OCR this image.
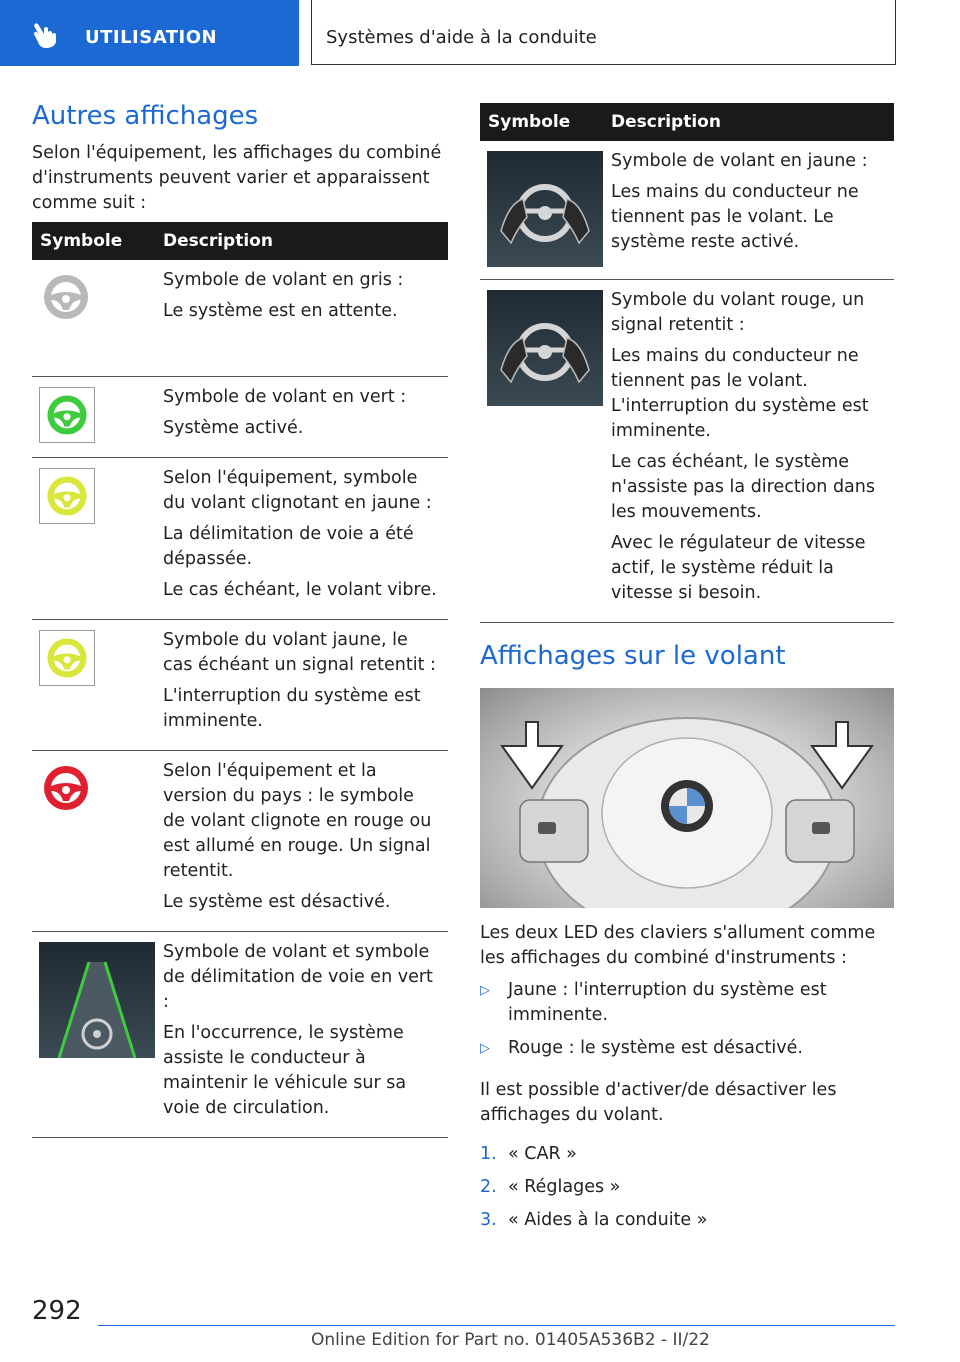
UTILISATION	Systèmes d'aide à la conduite
Autres affichages

Selon l'équipement, les affichages du combiné d'instruments peuvent varier et apparaissent comme suit :

Symbole	Description

Symbole de volant en gris :
Le système est en attente.

Symbole de volant en vert :
Système activé.

Selon l'équipement, symbole du volant clignotant en jaune :
La délimitation de voie a été dépassée.
Le cas échéant, le volant vibre.

Symbole du volant jaune, le cas échéant un signal retentit :
L'interruption du système est imminente.

Selon l'équipement et la version du pays : le symbole de volant clignote en rouge ou est allumé en rouge. Un signal retentit.
Le système est désactivé.

Symbole de volant et symbole de délimitation de voie en vert :
En l'occurrence, le système assiste le conducteur à maintenir le véhicule sur sa voie de circulation.
Symbole	Description

Symbole de volant en jaune :
Les mains du conducteur ne tiennent pas le volant. Le système reste activé.

Symbole du volant rouge, un signal retentit :
Les mains du conducteur ne tiennent pas le volant. L'interruption du système est imminente.
Le cas échéant, le système n'assiste pas la direction dans les mouvements.
Avec le régulateur de vitesse actif, le système réduit la vitesse si besoin.
Affichages sur le volant

Les deux LED des claviers s'allument comme les affichages du combiné d'instruments :

▷ Jaune : l'interruption du système est imminente.
▷ Rouge : le système est désactivé.

Il est possible d'activer/de désactiver les affichages du volant.

1. « CAR »
2. « Réglages »
3. « Aides à la conduite »
292
Online Edition for Part no. 01405A536B2 - II/22
